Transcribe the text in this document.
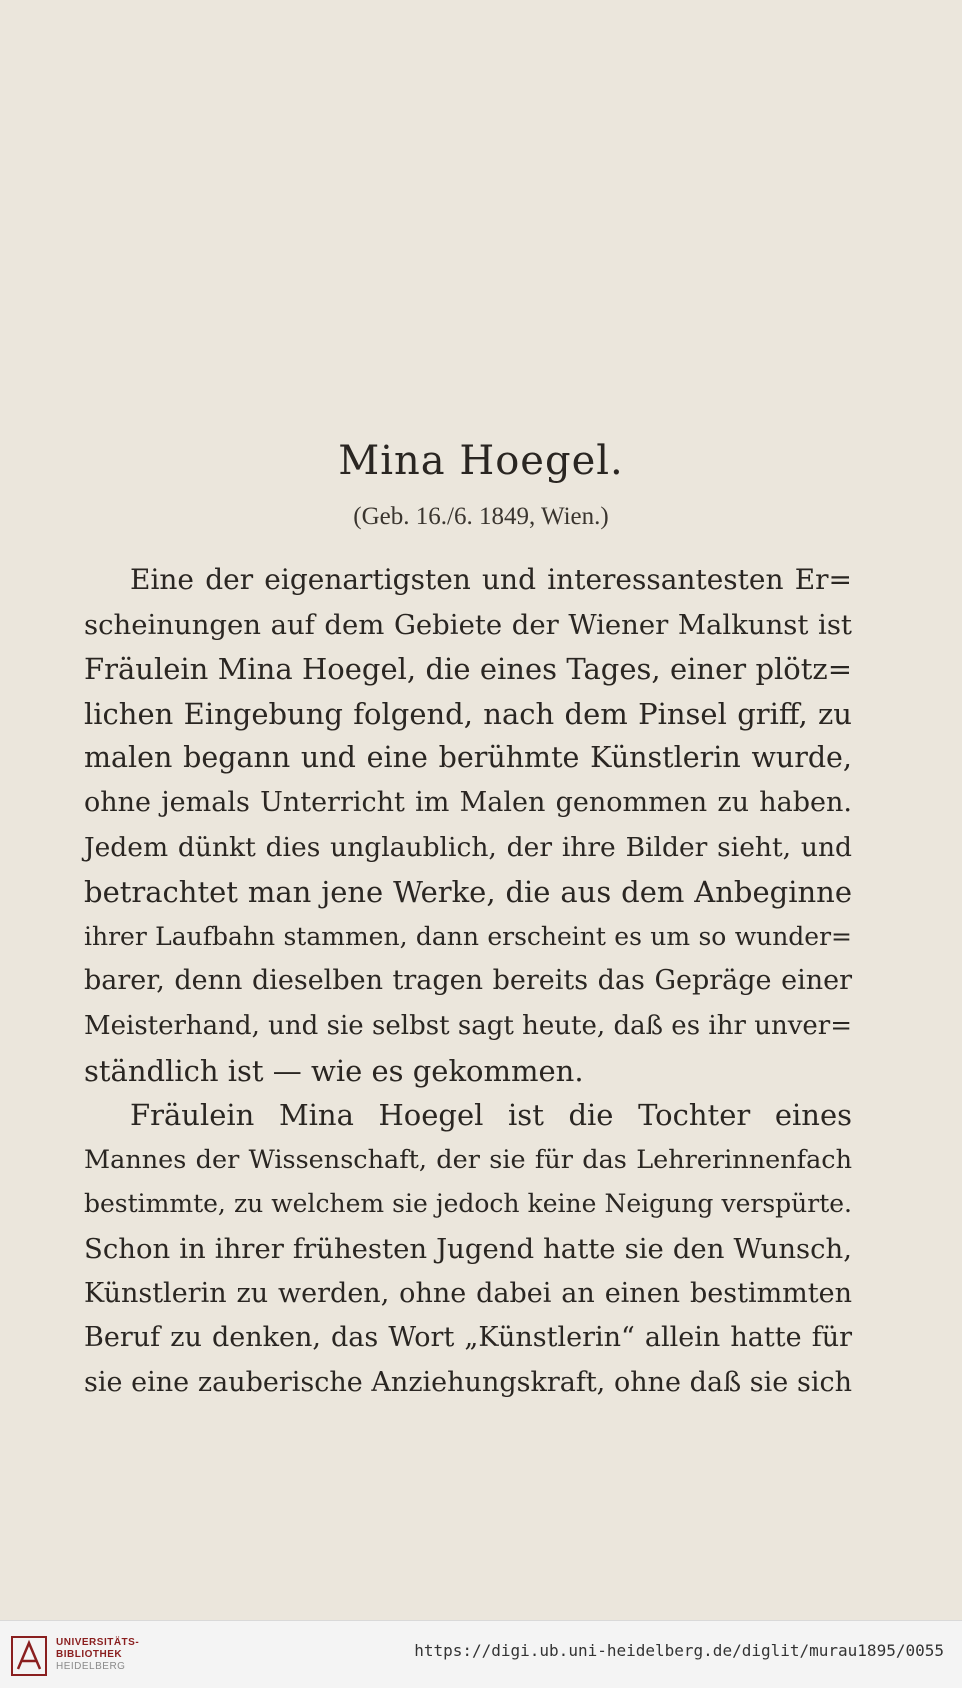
Mina Hoegel.
(Geb. 16./6. 1849, Wien.)
Eine der eigenartigsten und interessantesten Er=
scheinungen auf dem Gebiete der Wiener Malkunst ist
Fräulein Mina Hoegel, die eines Tages, einer plötz=
lichen Eingebung folgend, nach dem Pinsel griff, zu
malen begann und eine berühmte Künstlerin wurde,
ohne jemals Unterricht im Malen genommen zu haben.
Jedem dünkt dies unglaublich, der ihre Bilder sieht, und
betrachtet man jene Werke, die aus dem Anbeginne
ihrer Laufbahn stammen, dann erscheint es um so wunder=
barer, denn dieselben tragen bereits das Gepräge einer
Meisterhand, und sie selbst sagt heute, daß es ihr unver=
ständlich ist — wie es gekommen.
Fräulein Mina Hoegel ist die Tochter eines
Mannes der Wissenschaft, der sie für das Lehrerinnenfach
bestimmte, zu welchem sie jedoch keine Neigung verspürte.
Schon in ihrer frühesten Jugend hatte sie den Wunsch,
Künstlerin zu werden, ohne dabei an einen bestimmten
Beruf zu denken, das Wort „Künstlerin“ allein hatte für
sie eine zauberische Anziehungskraft, ohne daß sie sich
UNIVERSITÄTS-
BIBLIOTHEK
HEIDELBERG
https://digi.ub.uni-heidelberg.de/diglit/murau1895/0055
